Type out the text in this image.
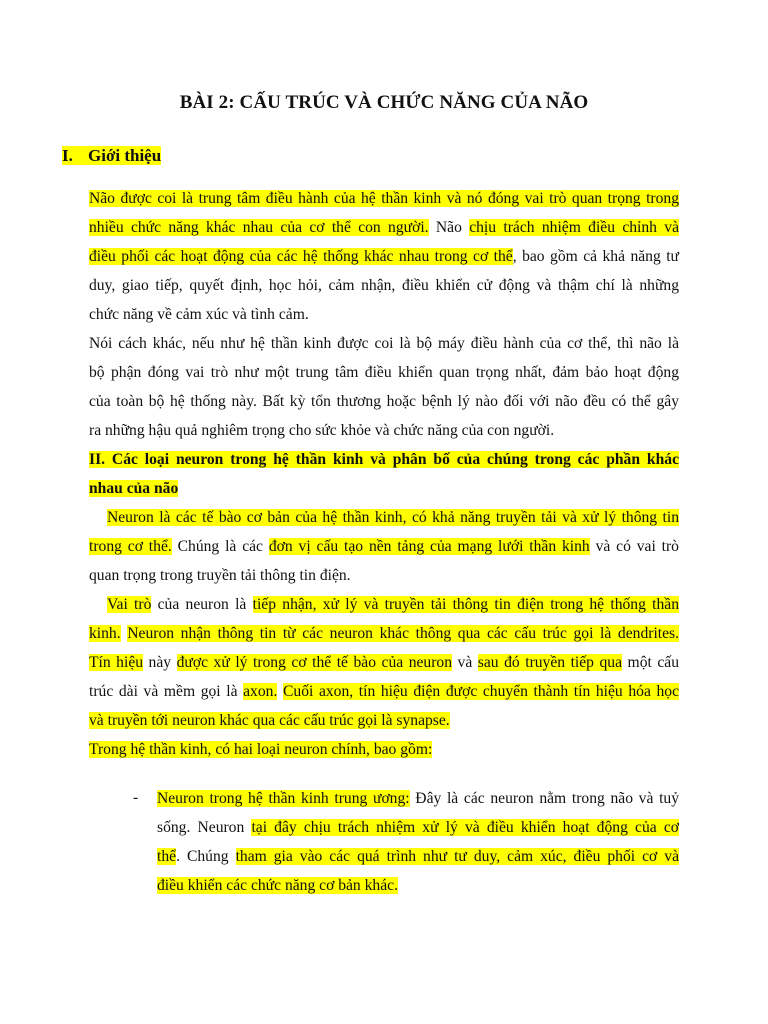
BÀI 2: CẤU TRÚC VÀ CHỨC NĂNG CỦA NÃO
I. Giới thiệu
Não được coi là trung tâm điều hành của hệ thần kinh và nó đóng vai trò quan trọng trong
nhiều chức năng khác nhau của cơ thể con người. Não chịu trách nhiệm điều chỉnh và
điều phối các hoạt động của các hệ thống khác nhau trong cơ thể, bao gồm cả khả năng tư
duy, giao tiếp, quyết định, học hỏi, cảm nhận, điều khiển cử động và thậm chí là những
chức năng về cảm xúc và tình cảm.
Nói cách khác, nếu như hệ thần kinh được coi là bộ máy điều hành của cơ thể, thì não là
bộ phận đóng vai trò như một trung tâm điều khiển quan trọng nhất, đảm bảo hoạt động
của toàn bộ hệ thống này. Bất kỳ tổn thương hoặc bệnh lý nào đối với não đều có thể gây
ra những hậu quả nghiêm trọng cho sức khỏe và chức năng của con người.
II. Các loại neuron trong hệ thần kinh và phân bố của chúng trong các phần khác
nhau của não
Neuron là các tế bào cơ bản của hệ thần kinh, có khả năng truyền tải và xử lý thông tin
trong cơ thể. Chúng là các đơn vị cấu tạo nền tảng của mạng lưới thần kinh và có vai trò
quan trọng trong truyền tải thông tin điện.
Vai trò của neuron là tiếp nhận, xử lý và truyền tải thông tin điện trong hệ thống thần
kinh. Neuron nhận thông tin từ các neuron khác thông qua các cấu trúc gọi là dendrites.
Tín hiệu này được xử lý trong cơ thể tế bào của neuron và sau đó truyền tiếp qua một cấu
trúc dài và mềm gọi là axon. Cuối axon, tín hiệu điện được chuyển thành tín hiệu hóa học
và truyền tới neuron khác qua các cấu trúc gọi là synapse.
Trong hệ thần kinh, có hai loại neuron chính, bao gồm:
- Neuron trong hệ thần kinh trung ương: Đây là các neuron nằm trong não và tuỷ
sống. Neuron tại đây chịu trách nhiệm xử lý và điều khiển hoạt động của cơ
thể. Chúng tham gia vào các quá trình như tư duy, cảm xúc, điều phối cơ và
điều khiển các chức năng cơ bản khác.
